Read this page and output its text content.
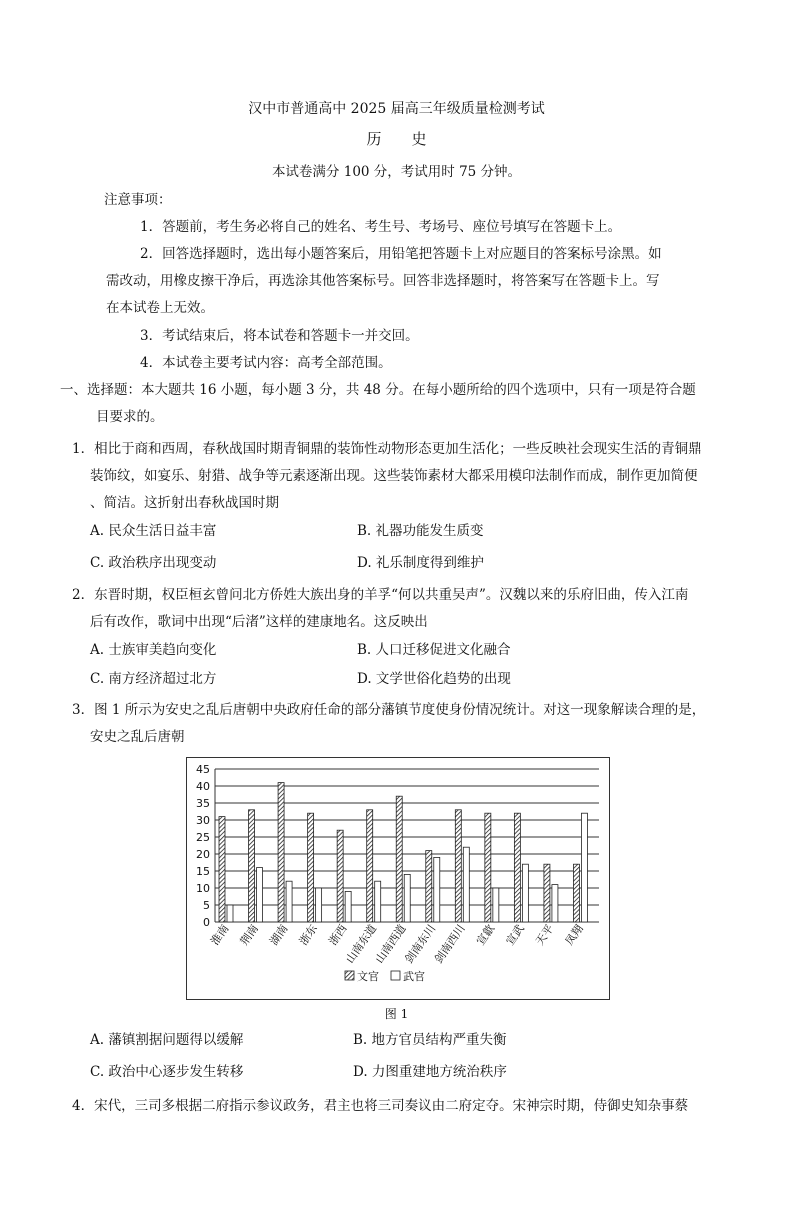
汉中市普通高中 2025 届高三年级质量检测考试
历　　史
本试卷满分 100 分，考试用时 75 分钟。
注意事项：
1．答题前，考生务必将自己的姓名、考生号、考场号、座位号填写在答题卡上。
2．回答选择题时，选出每小题答案后，用铅笔把答题卡上对应题目的答案标号涂黑。如
需改动，用橡皮擦干净后，再选涂其他答案标号。回答非选择题时，将答案写在答题卡上。写
在本试卷上无效。
3．考试结束后，将本试卷和答题卡一并交回。
4．本试卷主要考试内容：高考全部范围。
一、选择题：本大题共 16 小题，每小题 3 分，共 48 分。在每小题所给的四个选项中，只有一项是符合题
目要求的。
1．相比于商和西周，春秋战国时期青铜鼎的装饰性动物形态更加生活化；一些反映社会现实生活的青铜鼎
装饰纹，如宴乐、射猎、战争等元素逐渐出现。这些装饰素材大都采用模印法制作而成，制作更加简便
、简洁。这折射出春秋战国时期
A. 民众生活日益丰富	B. 礼器功能发生质变
C. 政治秩序出现变动	D. 礼乐制度得到维护
2．东晋时期，权臣桓玄曾问北方侨姓大族出身的羊孚“何以共重吴声”。汉魏以来的乐府旧曲，传入江南
后有改作，歌词中出现“后渚”这样的建康地名。这反映出
A. 士族审美趋向变化	B. 人口迁移促进文化融合
C. 南方经济超过北方	D. 文学世俗化趋势的出现
3．图 1 所示为安史之乱后唐朝中央政府任命的部分藩镇节度使身份情况统计。对这一现象解读合理的是，
安史之乱后唐朝
0
5
10
15
20
25
30
35
40
45
淮南 荆南 湖南 浙东 浙西
山南东道
山南西道
剑南东川
剑南西川 宣歙 宣武 天平 凤翔
文官 武官
图 1
A. 藩镇割据问题得以缓解	B. 地方官员结构严重失衡
C. 政治中心逐步发生转移	D. 力图重建地方统治秩序
4．宋代，三司多根据二府指示参议政务，君主也将三司奏议由二府定夺。宋神宗时期，侍御史知杂事蔡
